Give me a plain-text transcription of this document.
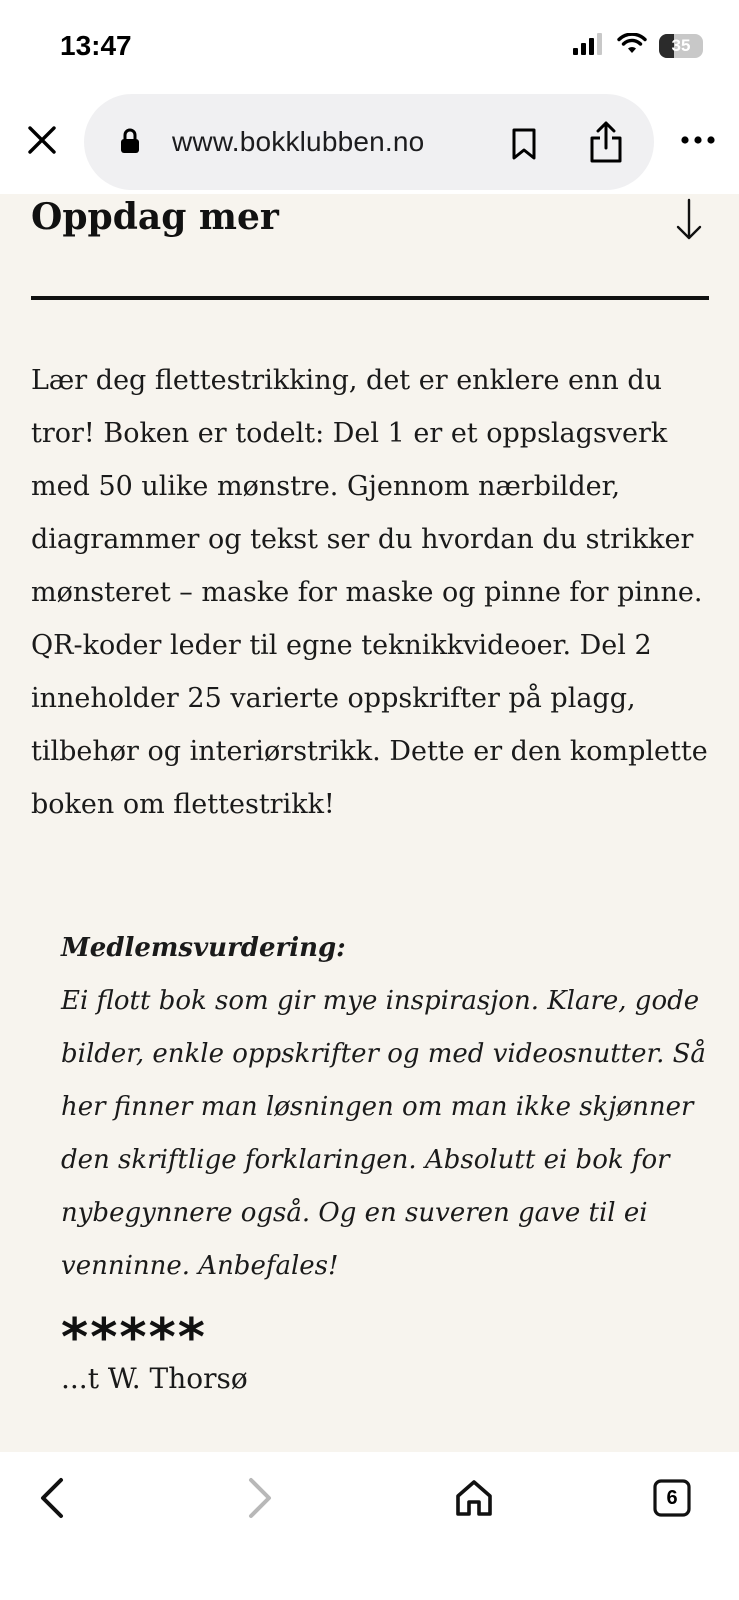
13:47	35
www.bokklubben.no
Oppdag mer

Lær deg flettestrikking, det er enklere enn du tror! Boken er todelt: Del 1 er et oppslagsverk med 50 ulike mønstre. Gjennom nærbilder, diagrammer og tekst ser du hvordan du strikker mønsteret – maske for maske og pinne for pinne. QR-koder leder til egne teknikkvideoer. Del 2 inneholder 25 varierte oppskrifter på plagg, tilbehør og interiørstrikk. Dette er den komplette boken om flettestrikk!

Medlemsvurdering:
Ei flott bok som gir mye inspirasjon. Klare, gode bilder, enkle oppskrifter og med videosnutter. Så her finner man løsningen om man ikke skjønner den skriftlige forklaringen. Absolutt ei bok for nybegynnere også. Og en suveren gave til ei venninne. Anbefales!
*****
...t W. Thorsø
6
